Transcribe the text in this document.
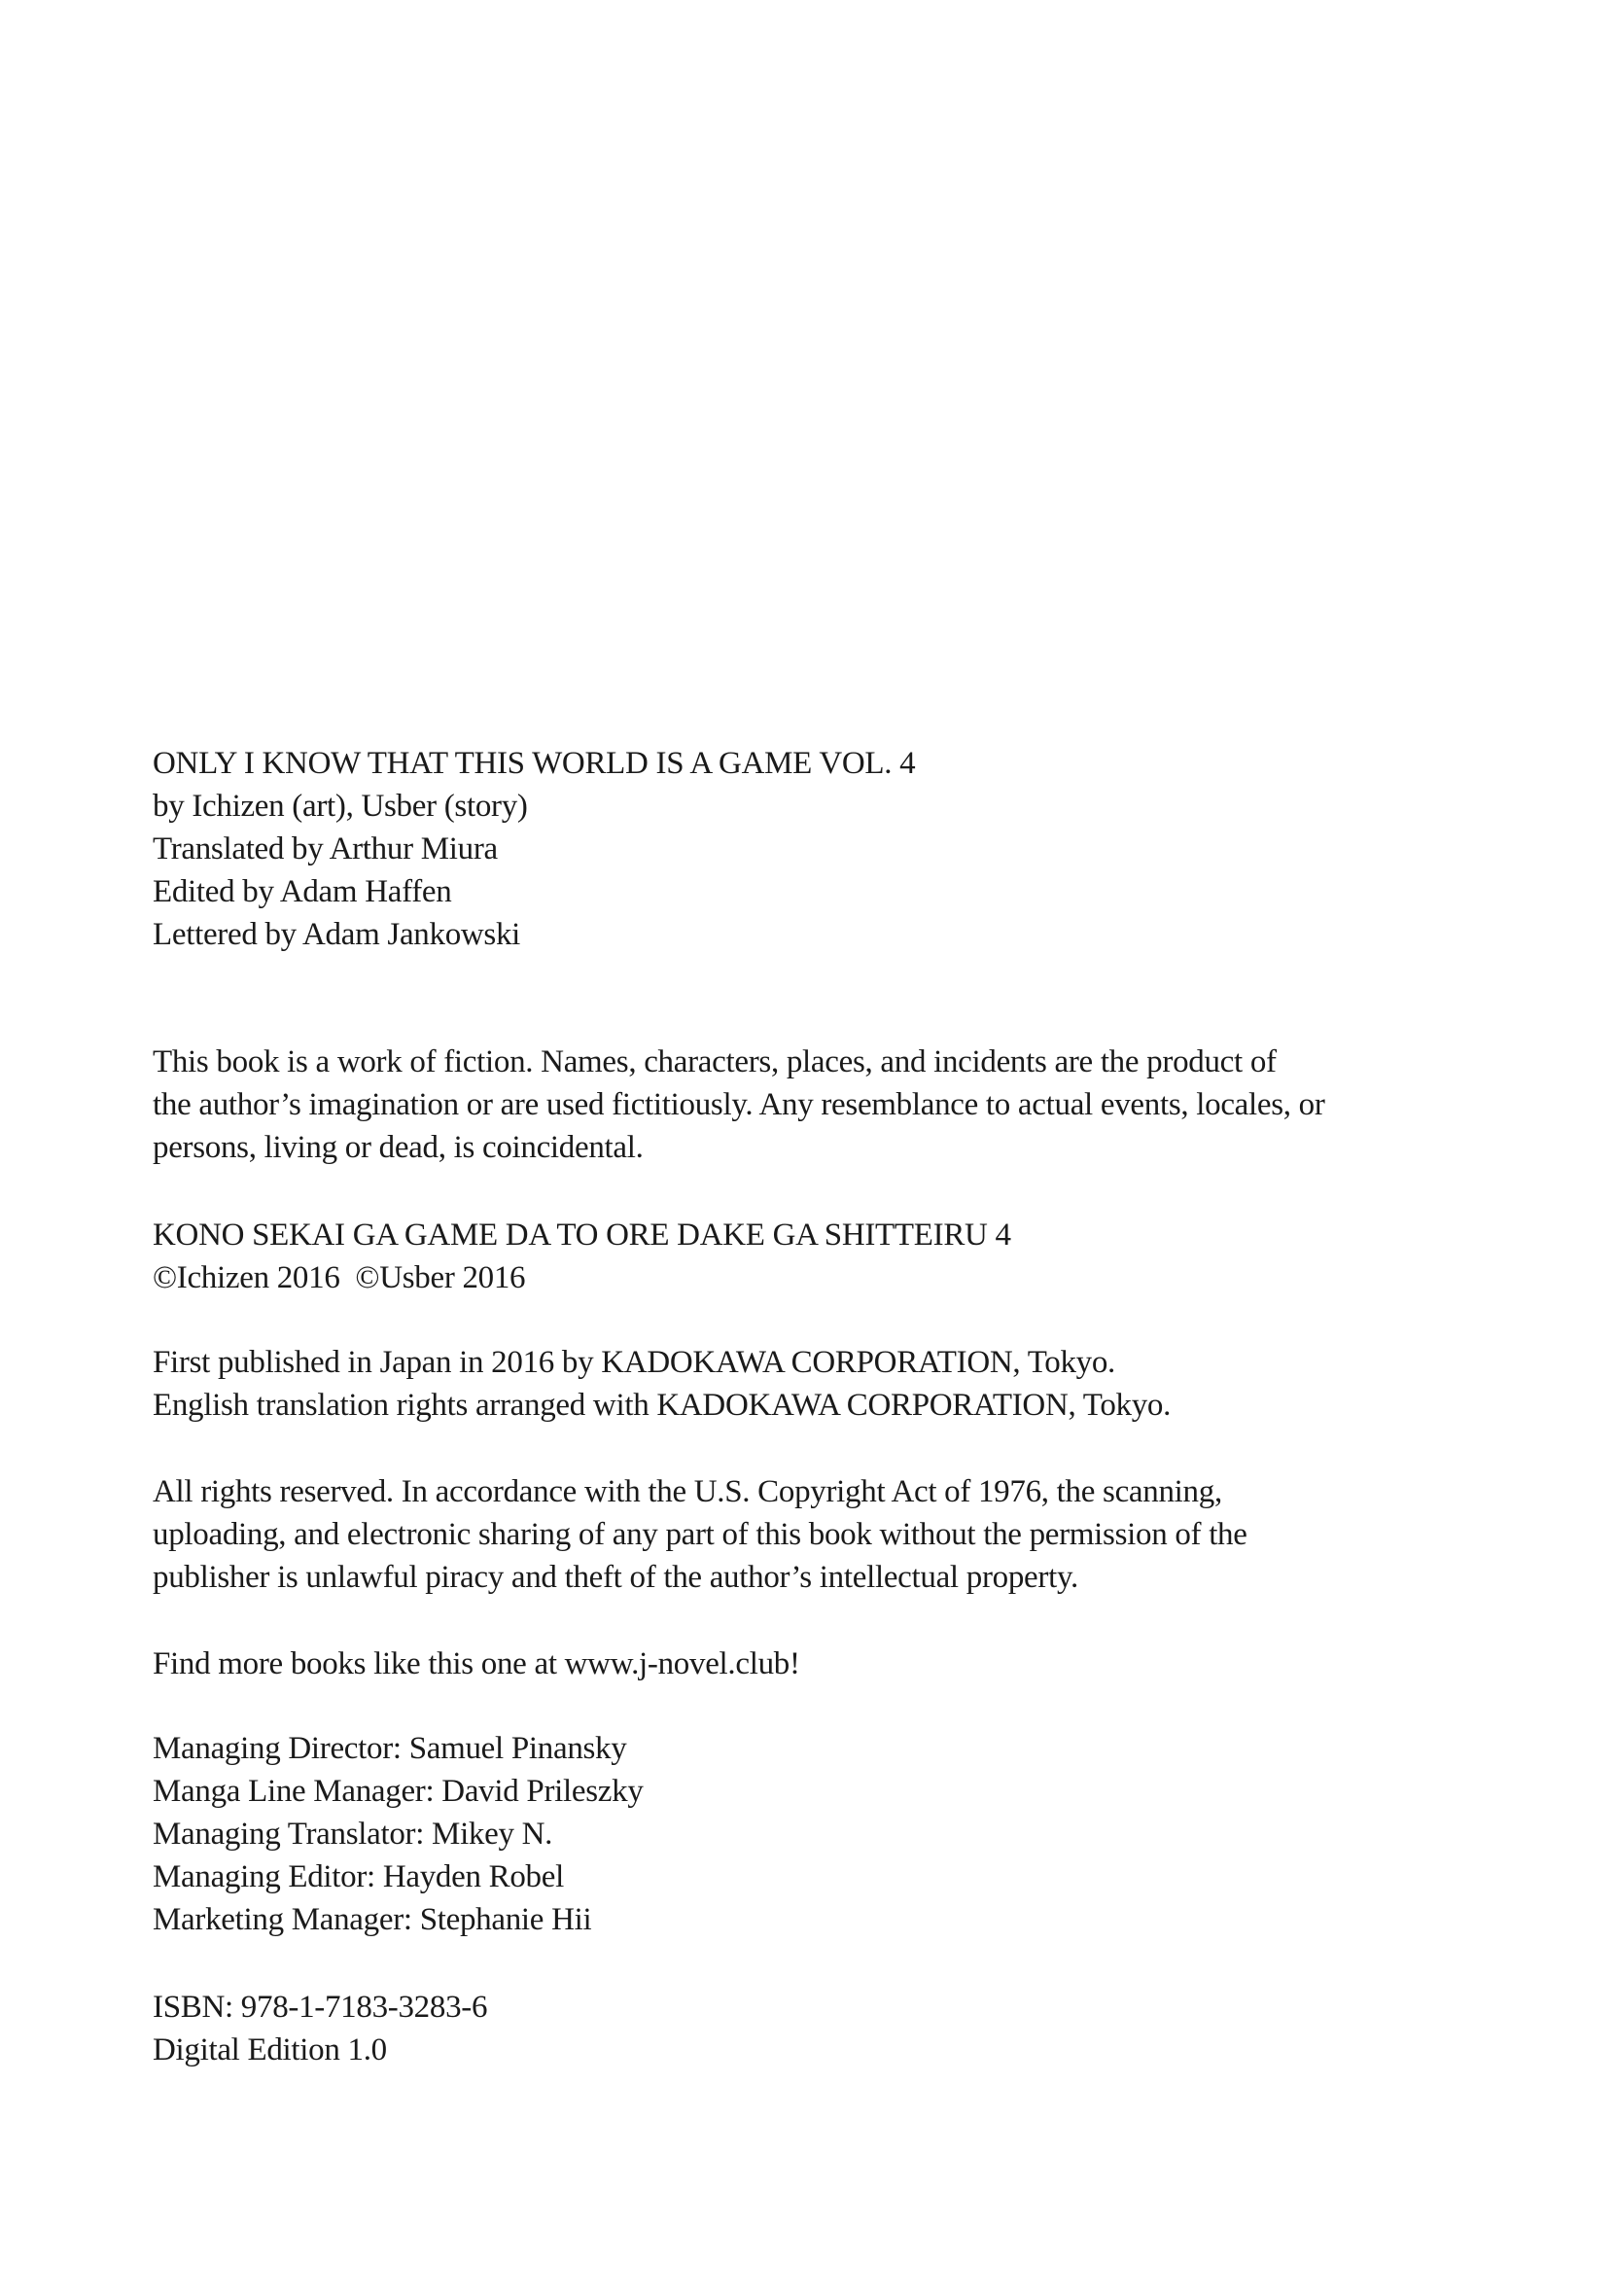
ONLY I KNOW THAT THIS WORLD IS A GAME VOL. 4
by Ichizen (art), Usber (story)
Translated by Arthur Miura
Edited by Adam Haffen
Lettered by Adam Jankowski
This book is a work of fiction. Names, characters, places, and incidents are the product of
the author’s imagination or are used fictitiously. Any resemblance to actual events, locales, or
persons, living or dead, is coincidental.
KONO SEKAI GA GAME DA TO ORE DAKE GA SHITTEIRU 4
©Ichizen 2016  ©Usber 2016
First published in Japan in 2016 by KADOKAWA CORPORATION, Tokyo.
English translation rights arranged with KADOKAWA CORPORATION, Tokyo.
All rights reserved. In accordance with the U.S. Copyright Act of 1976, the scanning,
uploading, and electronic sharing of any part of this book without the permission of the
publisher is unlawful piracy and theft of the author’s intellectual property.
Find more books like this one at www.j-novel.club!
Managing Director: Samuel Pinansky
Manga Line Manager: David Prileszky
Managing Translator: Mikey N.
Managing Editor: Hayden Robel
Marketing Manager: Stephanie Hii
ISBN: 978-1-7183-3283-6
Digital Edition 1.0
